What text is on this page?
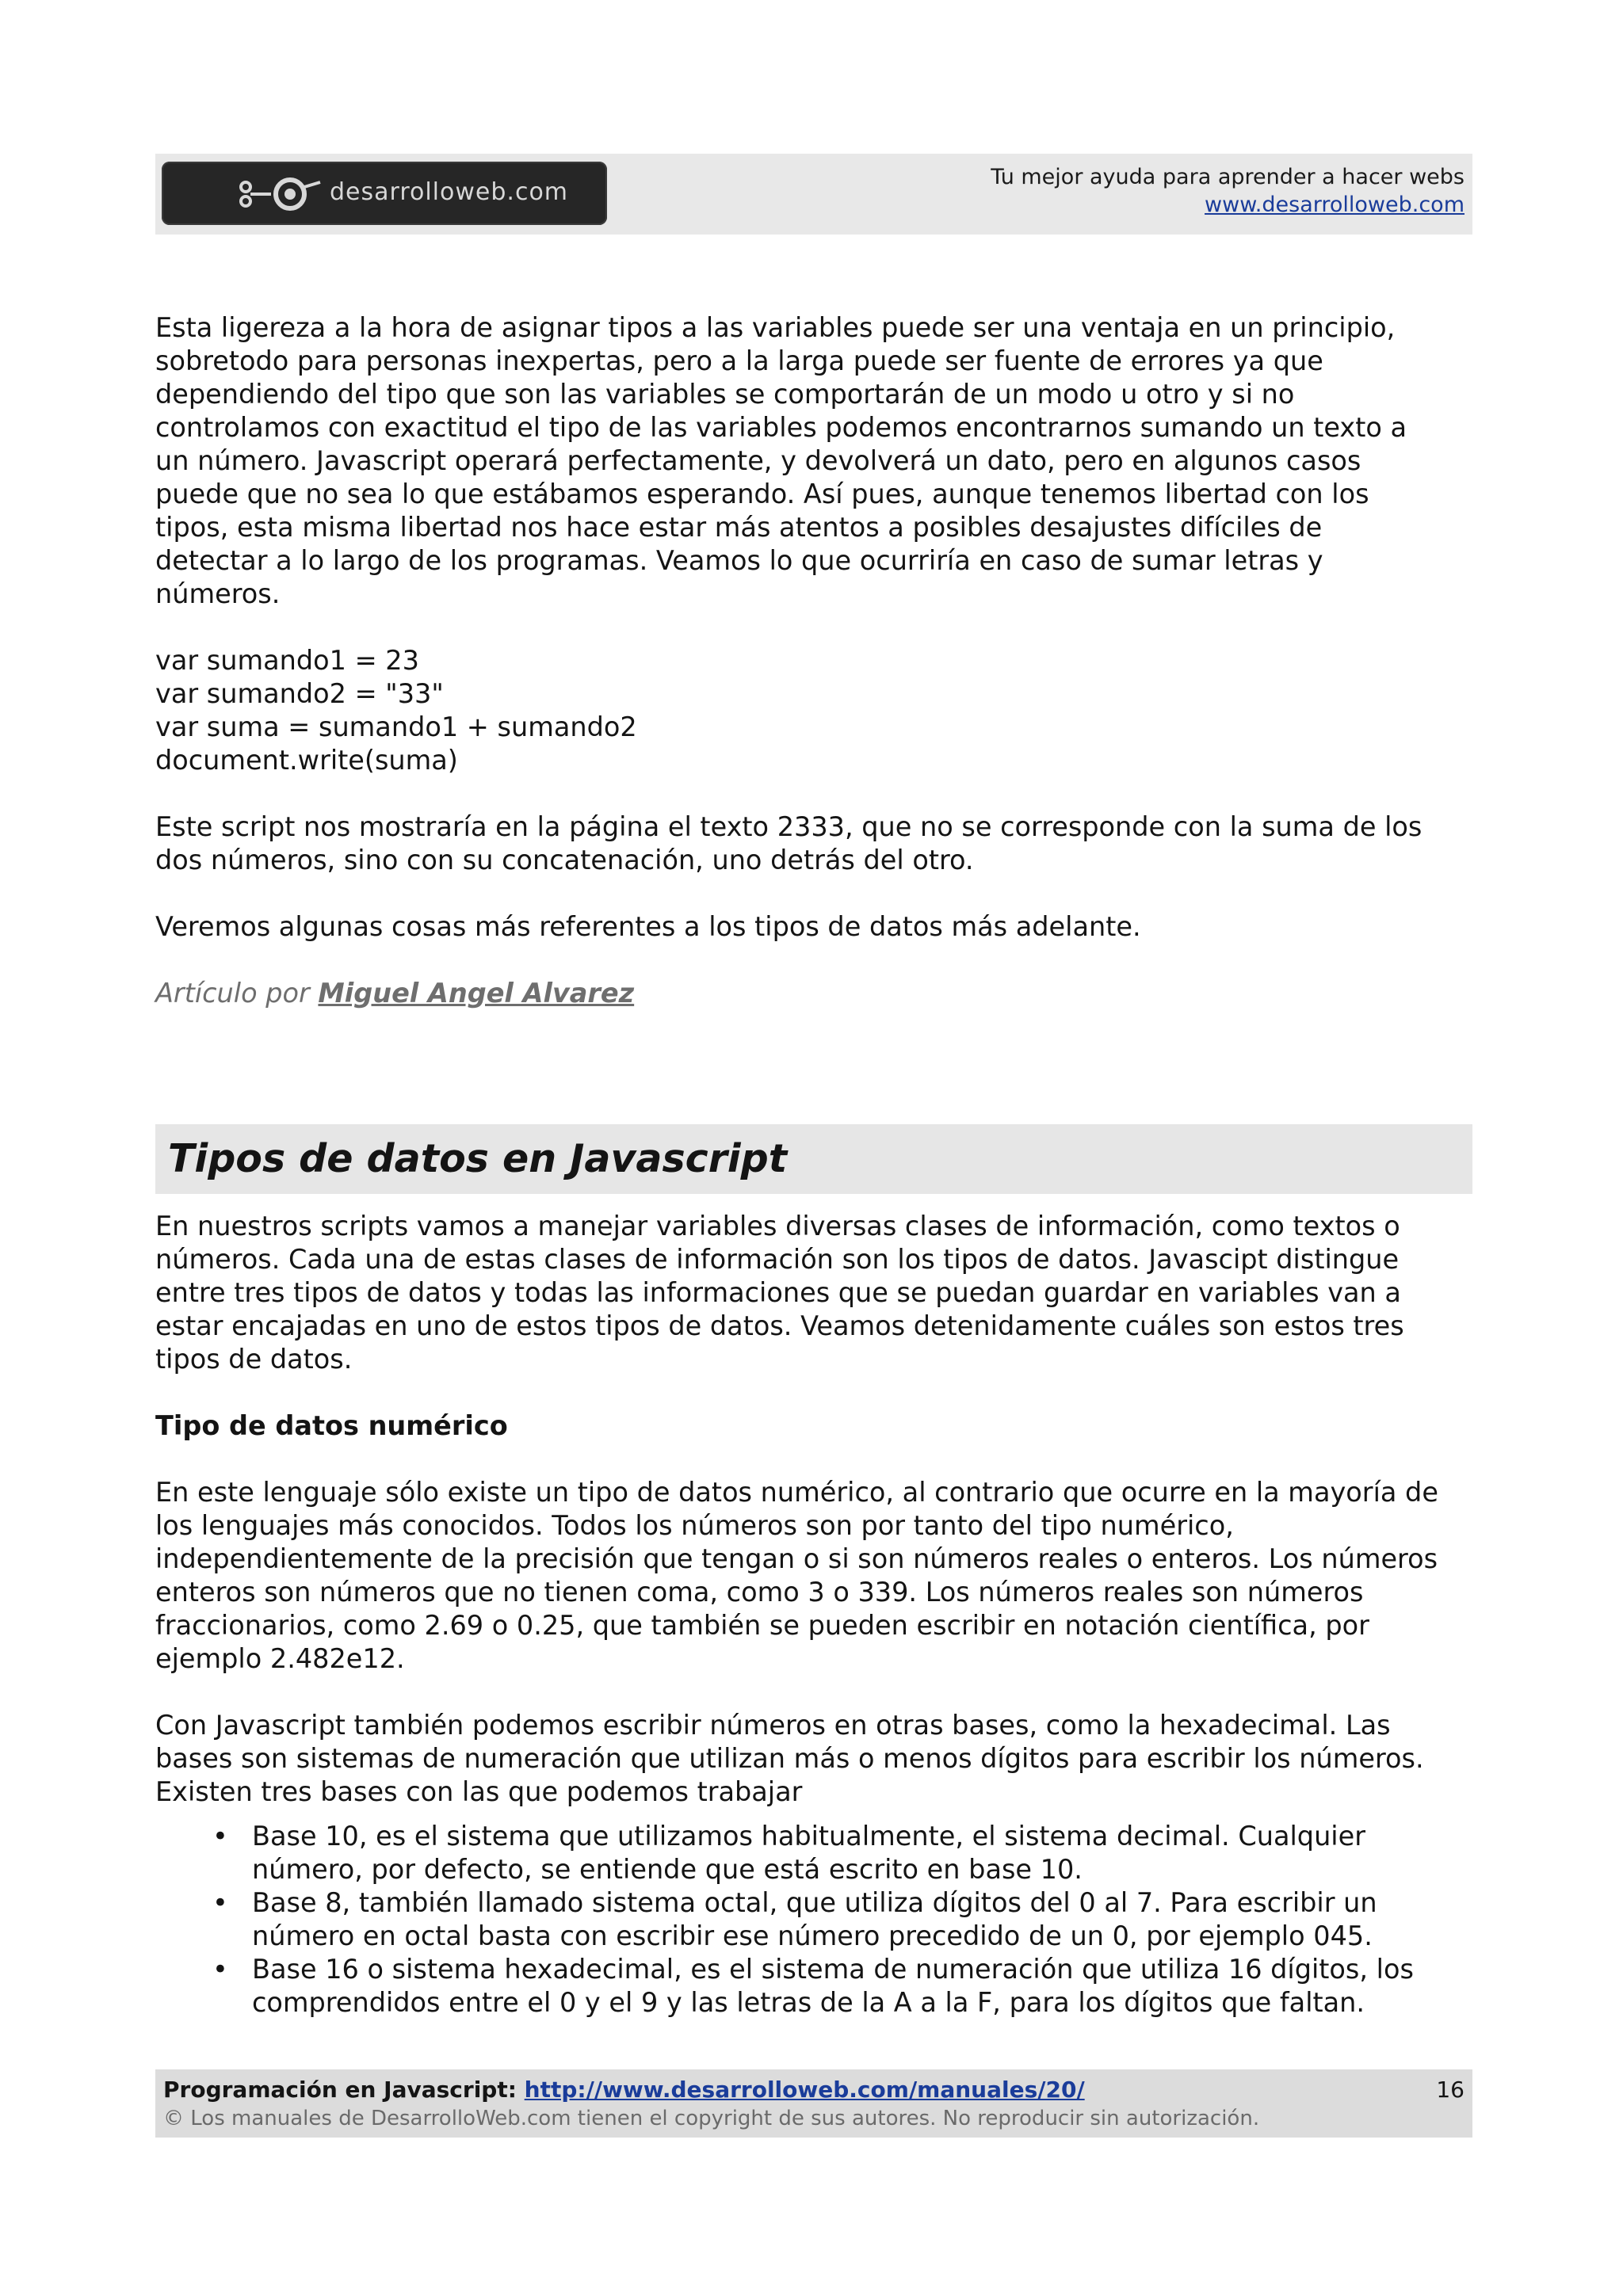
desarrolloweb.com
Tu mejor ayuda para aprender a hacer webs
www.desarrolloweb.com

Esta ligereza a la hora de asignar tipos a las variables puede ser una ventaja en un principio,
sobretodo para personas inexpertas, pero a la larga puede ser fuente de errores ya que
dependiendo del tipo que son las variables se comportarán de un modo u otro y si no
controlamos con exactitud el tipo de las variables podemos encontrarnos sumando un texto a
un número. Javascript operará perfectamente, y devolverá un dato, pero en algunos casos
puede que no sea lo que estábamos esperando. Así pues, aunque tenemos libertad con los
tipos, esta misma libertad nos hace estar más atentos a posibles desajustes difíciles de
detectar a lo largo de los programas. Veamos lo que ocurriría en caso de sumar letras y
números.

var sumando1 = 23
var sumando2 = "33"
var suma = sumando1 + sumando2
document.write(suma)

Este script nos mostraría en la página el texto 2333, que no se corresponde con la suma de los
dos números, sino con su concatenación, uno detrás del otro.

Veremos algunas cosas más referentes a los tipos de datos más adelante.

Artículo por Miguel Angel Alvarez
Tipos de datos en Javascript

En nuestros scripts vamos a manejar variables diversas clases de información, como textos o números. Cada una de estas clases de información son los tipos de datos. Javascipt distingue entre tres tipos de datos y todas las informaciones que se puedan guardar en variables van a estar encajadas en uno de estos tipos de datos. Veamos detenidamente cuáles son estos tres tipos de datos.

Tipo de datos numérico

En este lenguaje sólo existe un tipo de datos numérico, al contrario que ocurre en la mayoría de los lenguajes más conocidos. Todos los números son por tanto del tipo numérico, independientemente de la precisión que tengan o si son números reales o enteros. Los números enteros son números que no tienen coma, como 3 o 339. Los números reales son números fraccionarios, como 2.69 o 0.25, que también se pueden escribir en notación científica, por ejemplo 2.482e12.

Con Javascript también podemos escribir números en otras bases, como la hexadecimal. Las bases son sistemas de numeración que utilizan más o menos dígitos para escribir los números. Existen tres bases con las que podemos trabajar

• Base 10, es el sistema que utilizamos habitualmente, el sistema decimal. Cualquier número, por defecto, se entiende que está escrito en base 10.
• Base 8, también llamado sistema octal, que utiliza dígitos del 0 al 7. Para escribir un número en octal basta con escribir ese número precedido de un 0, por ejemplo 045.
• Base 16 o sistema hexadecimal, es el sistema de numeración que utiliza 16 dígitos, los comprendidos entre el 0 y el 9 y las letras de la A a la F, para los dígitos que faltan.
Programación en Javascript: http://www.desarrolloweb.com/manuales/20/
© Los manuales de DesarrolloWeb.com tienen el copyright de sus autores. No reproducir sin autorización.
16
